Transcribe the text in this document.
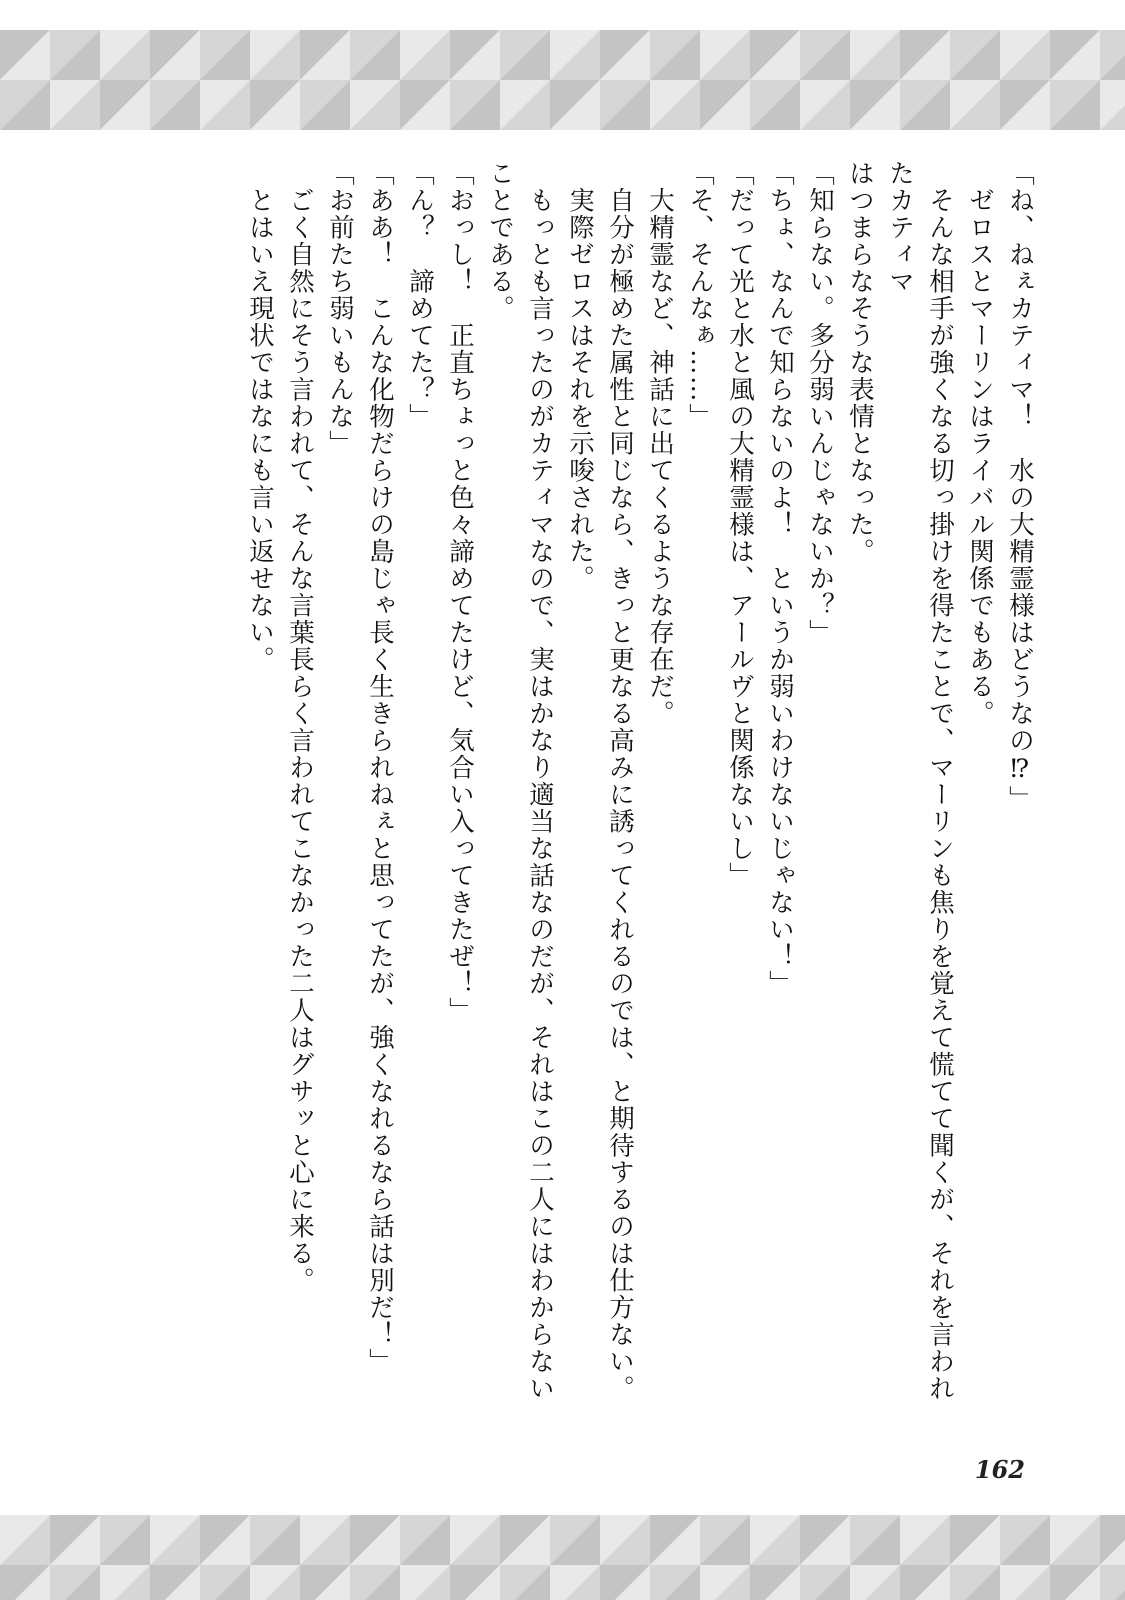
「ね、ねぇカティマ！　水の大精霊様はどうなの⁉」

　ゼロスとマーリンはライバル関係でもある。

　そんな相手が強くなる切っ掛けを得たことで、マーリンも焦りを覚えて慌てて聞くが、それを言われたカティマ

はつまらなそうな表情となった。

「知らない。多分弱いんじゃないか？」

「ちょ、なんで知らないのよ！　というか弱いわけないじゃない！」

「だって光と水と風の大精霊様は、アールヴと関係ないし」

「そ、そんなぁ……」

　大精霊など、神話に出てくるような存在だ。

　自分が極めた属性と同じなら、きっと更なる高みに誘ってくれるのでは、と期待するのは仕方ない。

　実際ゼロスはそれを示唆された。

　もっとも言ったのがカティマなので、実はかなり適当な話なのだが、それはこの二人にはわからないことである。

「おっし！　正直ちょっと色々諦めてたけど、気合い入ってきたぜ！」

「ん？　諦めてた？」

「ああ！　こんな化物だらけの島じゃ長く生きられねぇと思ってたが、強くなれるなら話は別だ！」

「お前たち弱いもんな」

　ごく自然にそう言われて、そんな言葉長らく言われてこなかった二人はグサッと心に来る。

　とはいえ現状ではなにも言い返せない。

162
